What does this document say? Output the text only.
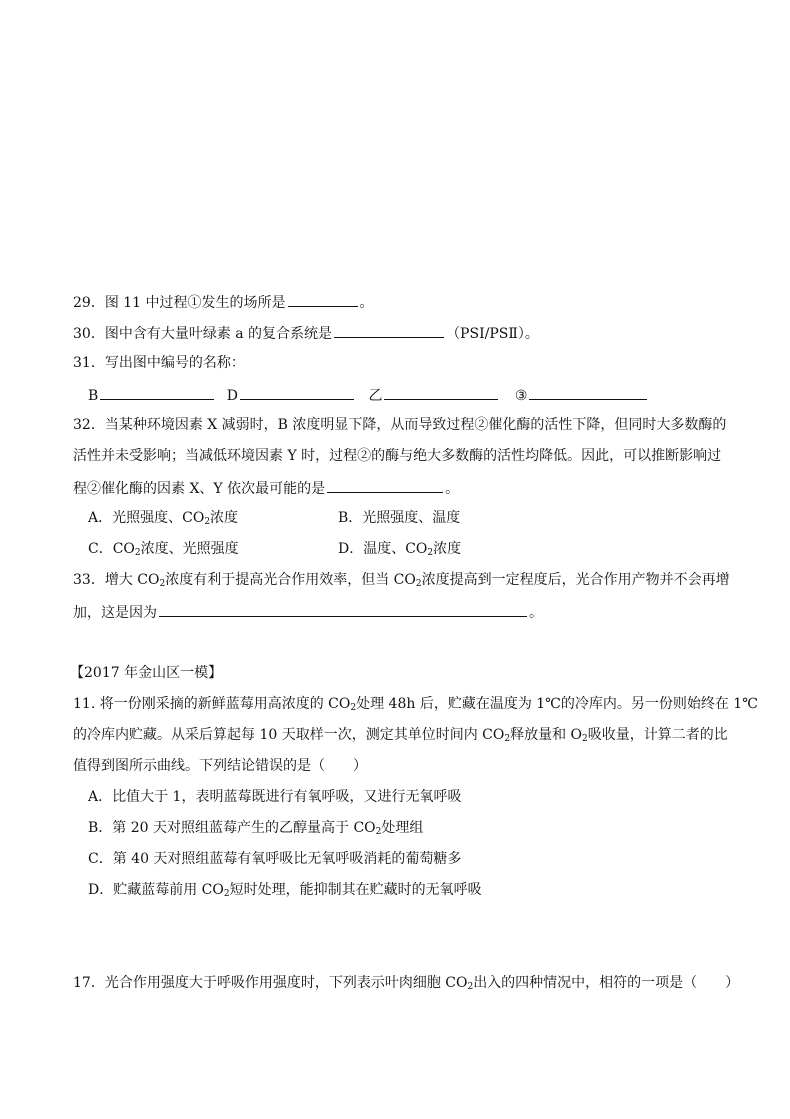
29．图 11 中过程①发生的场所是	。
30．图中含有大量叶绿素 a 的复合系统是	（PSⅠ/PSⅡ）。
31．写出图中编号的名称：
B	D	乙	③
32．当某种环境因素 X 减弱时，B 浓度明显下降，从而导致过程②催化酶的活性下降，但同时大多数酶的
活性并未受影响；当减低环境因素 Y 时，过程②的酶与绝大多数酶的活性均降低。因此，可以推断影响过
程②催化酶的因素 X、Y 依次最可能的是	。
A．光照强度、$CO_2$浓度	B．光照强度、温度
C．$CO_2$浓度、光照强度	D．温度、$CO_2$浓度
33．增大 $CO_2$浓度有利于提高光合作用效率，但当 $CO_2$浓度提高到一定程度后，光合作用产物并不会再增
加，这是因为	。
【2017 年金山区一模】
11. 将一份刚采摘的新鲜蓝莓用高浓度的 $CO_2$处理 48h 后，贮藏在温度为 1℃的冷库内。另一份则始终在 1℃
的冷库内贮藏。从采后算起每 10 天取样一次，测定其单位时间内 $CO_2$释放量和 $O_2$吸收量，计算二者的比
值得到图所示曲线。下列结论错误的是（　　）
A．比值大于 1，表明蓝莓既进行有氧呼吸，又进行无氧呼吸
B．第 20 天对照组蓝莓产生的乙醇量高于 $CO_2$处理组
C．第 40 天对照组蓝莓有氧呼吸比无氧呼吸消耗的葡萄糖多
D．贮藏蓝莓前用 $CO_2$短时处理，能抑制其在贮藏时的无氧呼吸
17．光合作用强度大于呼吸作用强度时，下列表示叶肉细胞 $CO_2$出入的四种情况中，相符的一项是（　　）
